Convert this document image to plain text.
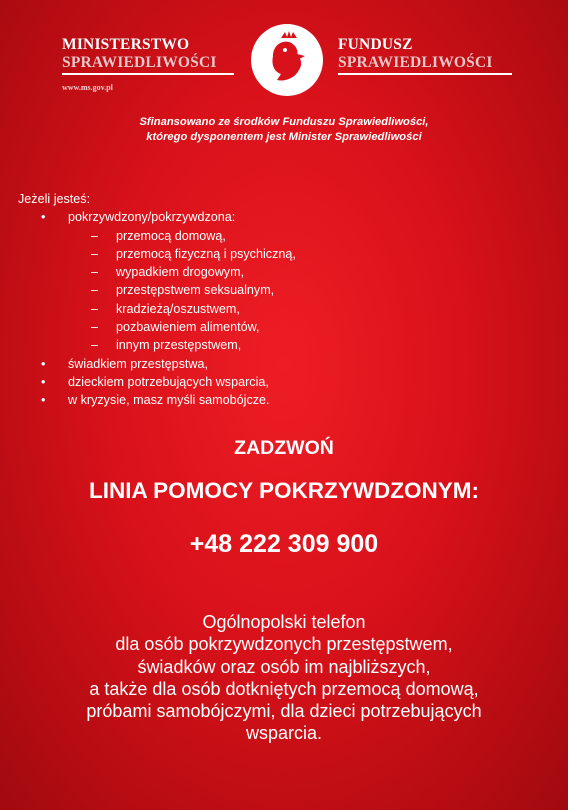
MINISTERSTWO
SPRAWIEDLIWOŚCI
www.ms.gov.pl
FUNDUSZ
SPRAWIEDLIWOŚCI
Sfinansowano ze środków Funduszu Sprawiedliwości,
którego dysponentem jest Minister Sprawiedliwości
Jeżeli jesteś:
• pokrzywdzony/pokrzywdzona:
– przemocą domową,
– przemocą fizyczną i psychiczną,
– wypadkiem drogowym,
– przestępstwem seksualnym,
– kradzieżą/oszustwem,
– pozbawieniem alimentów,
– innym przestępstwem,
• świadkiem przestępstwa,
• dzieckiem potrzebujących wsparcia,
• w kryzysie, masz myśli samobójcze.
ZADZWOŃ
LINIA POMOCY POKRZYWDZONYM:
+48 222 309 900
Ogólnopolski telefon
dla osób pokrzywdzonych przestępstwem,
świadków oraz osób im najbliższych,
a także dla osób dotkniętych przemocą domową,
próbami samobójczymi, dla dzieci potrzebujących
wsparcia.
